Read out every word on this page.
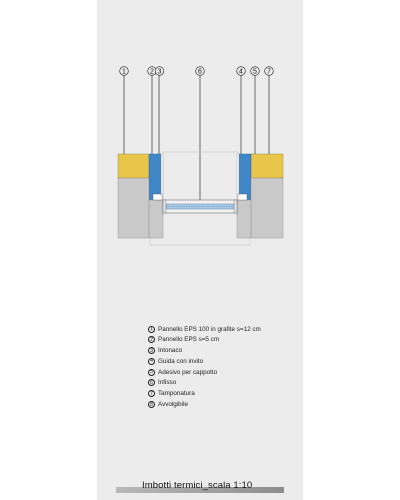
1	2 3	6	4 5 7
1 Pannello EPS 100 in grafite s=12 cm
2 Pannello EPS s=5 cm
3 Intonaco
4 Guida con invito
5 Adesivo per cappotto
6 Infisso
7 Tamponatura
8 Avvolgibile
Imbotti termici_scala 1:10
